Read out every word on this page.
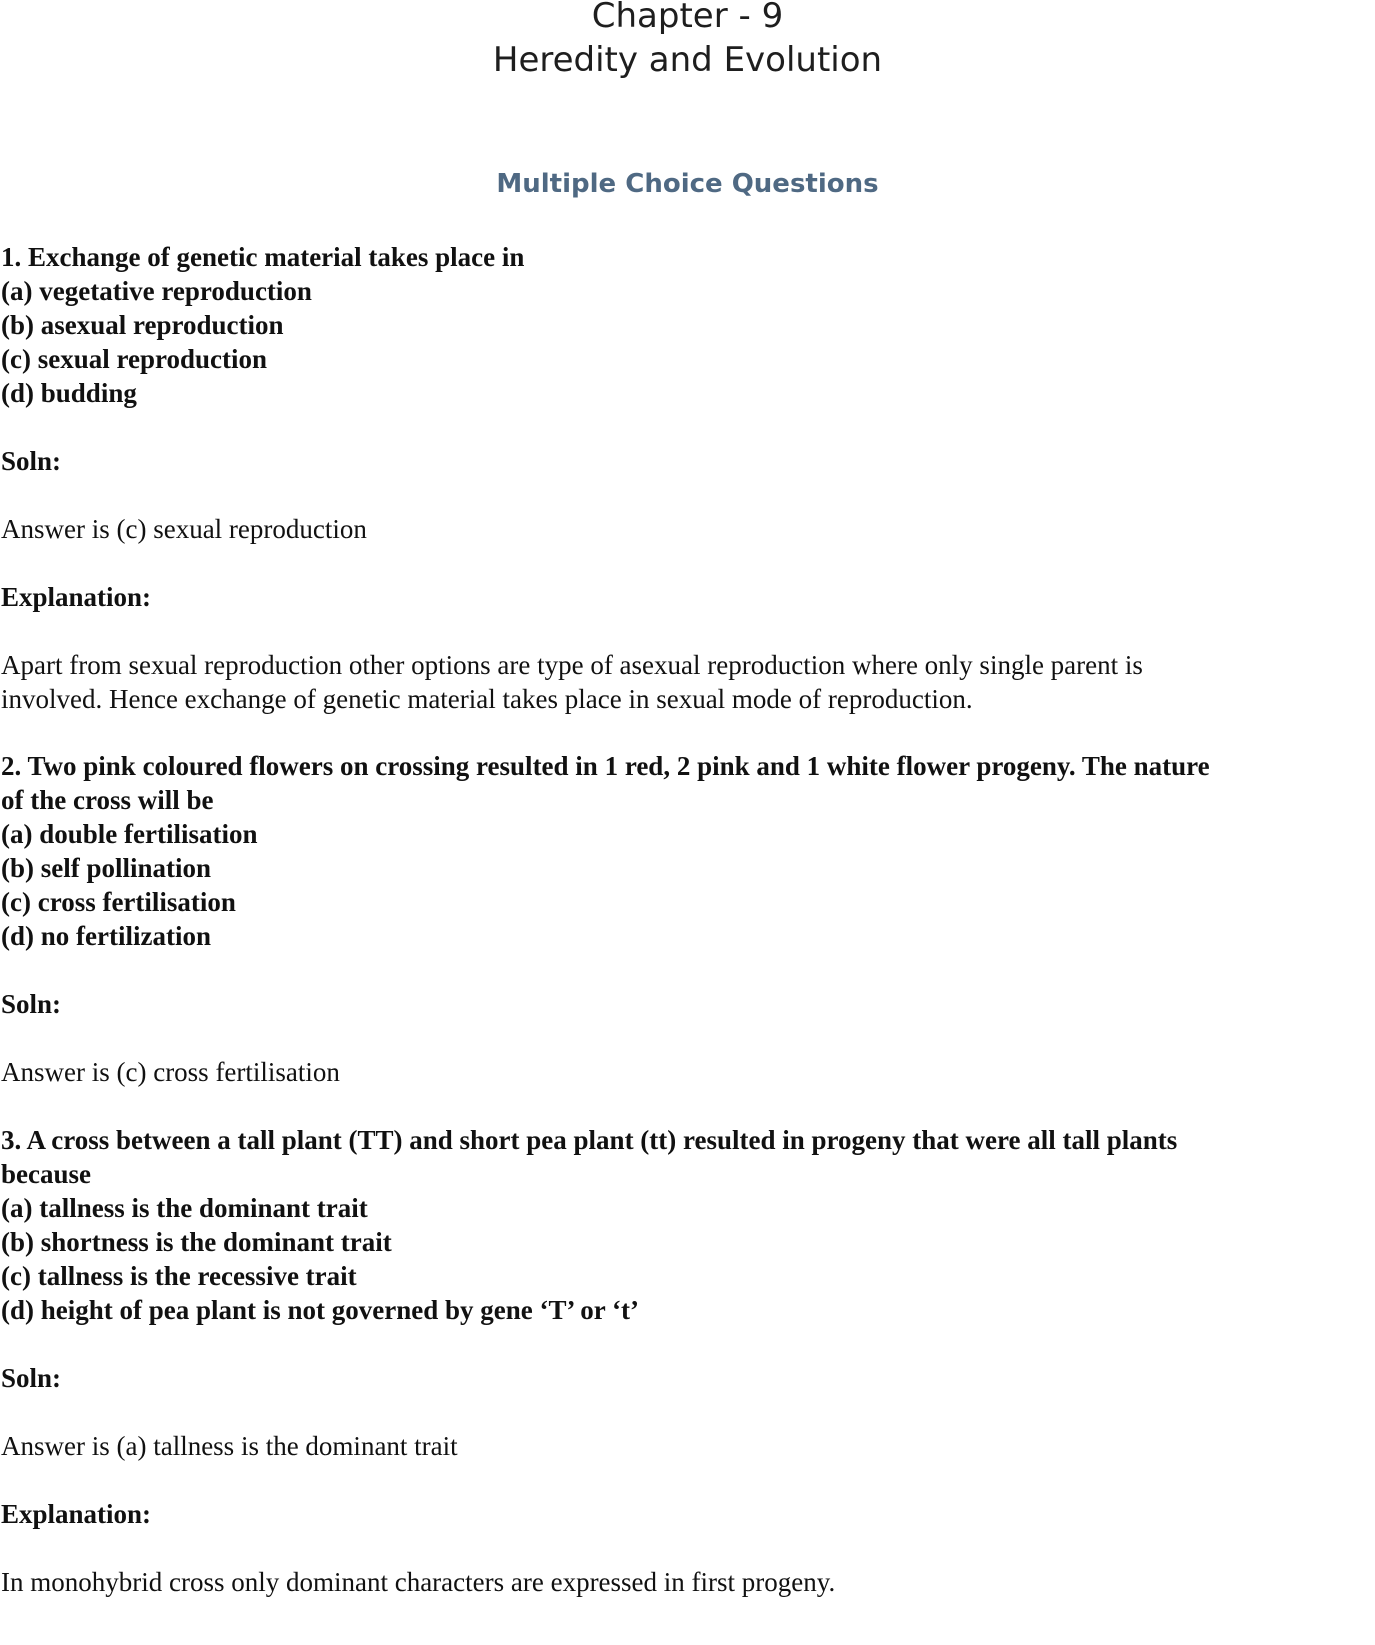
Chapter - 9
Heredity and Evolution
Multiple Choice Questions
1. Exchange of genetic material takes place in
(a) vegetative reproduction
(b) asexual reproduction
(c) sexual reproduction
(d) budding
Soln:
Answer is (c) sexual reproduction
Explanation:
Apart from sexual reproduction other options are type of asexual reproduction where only single parent is
involved. Hence exchange of genetic material takes place in sexual mode of reproduction.
2. Two pink coloured flowers on crossing resulted in 1 red, 2 pink and 1 white flower progeny. The nature
of the cross will be
(a) double fertilisation
(b) self pollination
(c) cross fertilisation
(d) no fertilization
Soln:
Answer is (c) cross fertilisation
3. A cross between a tall plant (TT) and short pea plant (tt) resulted in progeny that were all tall plants
because
(a) tallness is the dominant trait
(b) shortness is the dominant trait
(c) tallness is the recessive trait
(d) height of pea plant is not governed by gene ‘T’ or ‘t’
Soln:
Answer is (a) tallness is the dominant trait
Explanation:
In monohybrid cross only dominant characters are expressed in first progeny.
